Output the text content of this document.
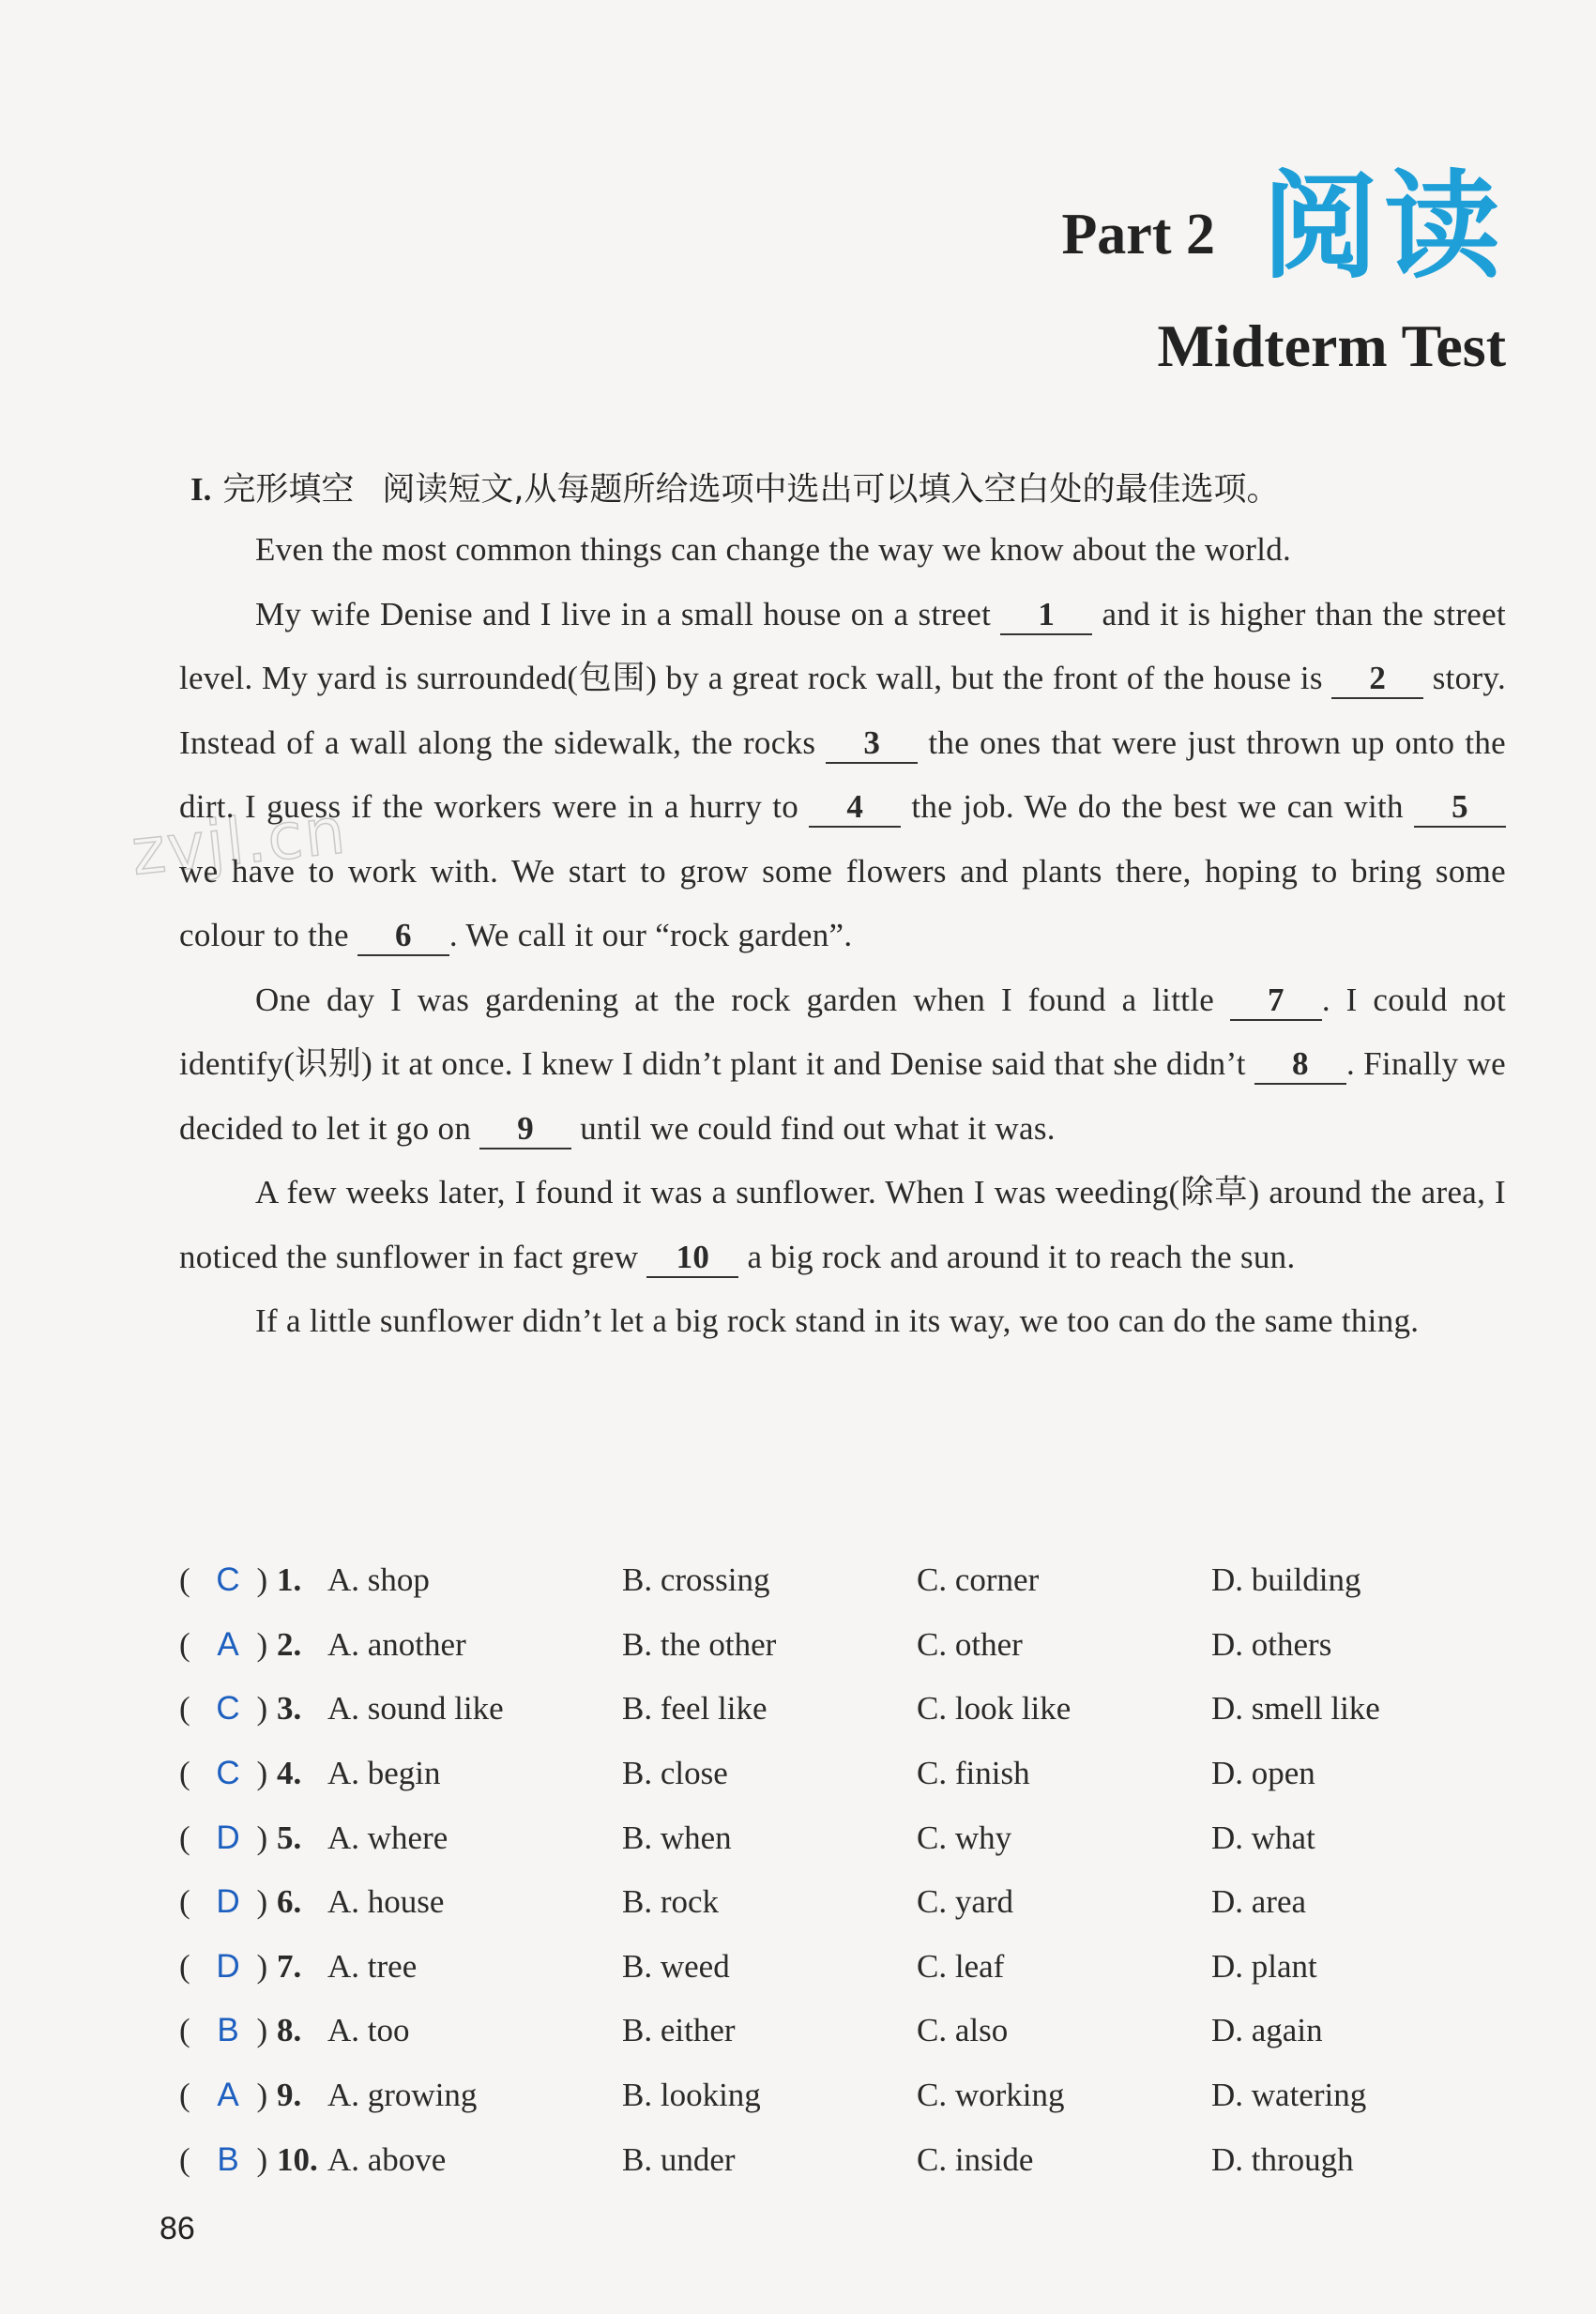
Part 2 阅读
Midterm Test
zvjl.cn
I. 完形填空 阅读短文,从每题所给选项中选出可以填入空白处的最佳选项。

Even the most common things can change the way we know about the world.

My wife Denise and I live in a small house on a street 1 and it is higher than the street level. My yard is surrounded(包围) by a great rock wall, but the front of the house is 2 story. Instead of a wall along the sidewalk, the rocks 3 the ones that were just thrown up onto the dirt. I guess if the workers were in a hurry to 4 the job. We do the best we can with 5 we have to work with. We start to grow some flowers and plants there, hoping to bring some colour to the 6 . We call it our “rock garden”.

One day I was gardening at the rock garden when I found a little 7 . I could not identify(识别) it at once. I knew I didn’t plant it and Denise said that she didn’t 8 . Finally we decided to let it go on 9 until we could find out what it was.

A few weeks later, I found it was a sunflower. When I was weeding(除草) around the area, I noticed the sunflower in fact grew 10 a big rock and around it to reach the sun.

If a little sunflower didn’t let a big rock stand in its way, we too can do the same thing.

( C ) 1. A. shop	B. crossing	C. corner	D. building
( A ) 2. A. another	B. the other	C. other	D. others
( C ) 3. A. sound like	B. feel like	C. look like	D. smell like
( C ) 4. A. begin	B. close	C. finish	D. open
( D ) 5. A. where	B. when	C. why	D. what
( D ) 6. A. house	B. rock	C. yard	D. area
( D ) 7. A. tree	B. weed	C. leaf	D. plant
( B ) 8. A. too	B. either	C. also	D. again
( A ) 9. A. growing	B. looking	C. working	D. watering
( B ) 10. A. above	B. under	C. inside	D. through
86
